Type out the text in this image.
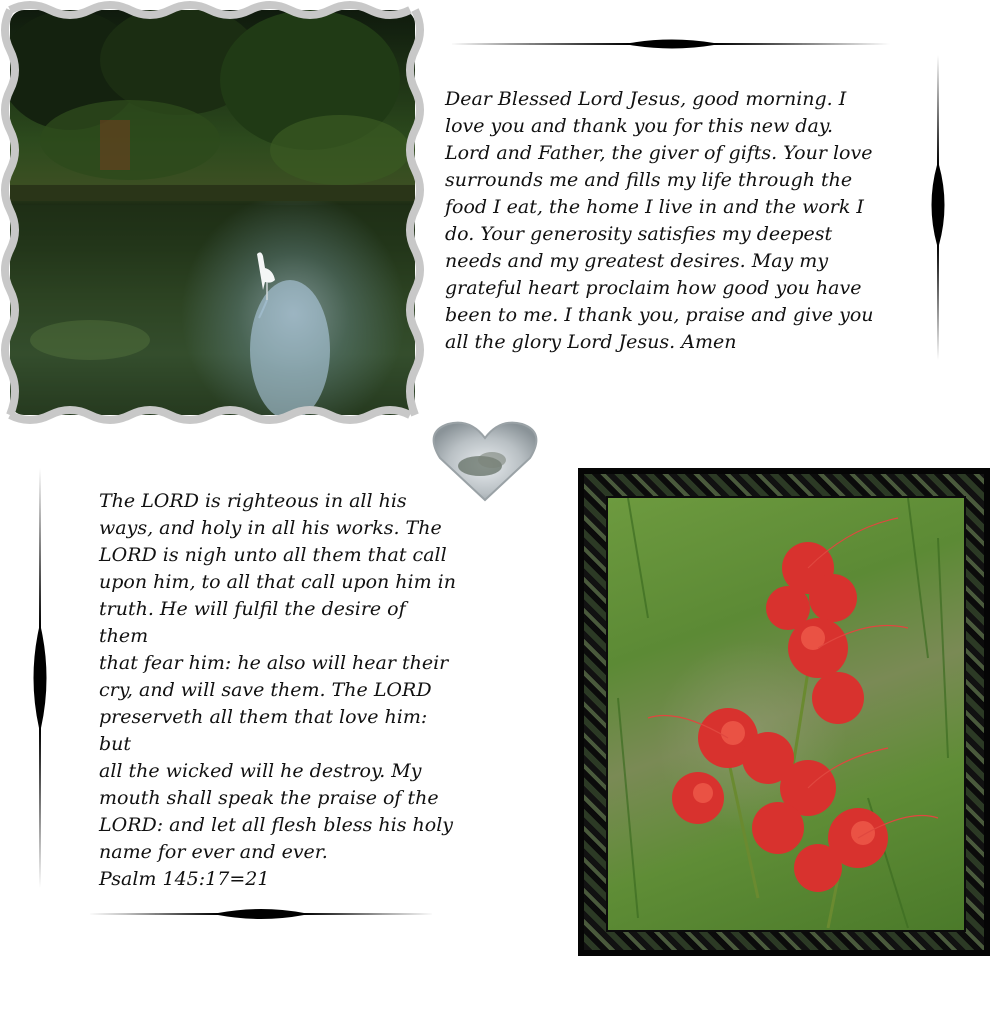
Dear Blessed Lord Jesus, good morning. I
love you and thank you for this new day.
Lord and Father, the giver of gifts. Your love
surrounds me and fills my life through the
food I eat, the home I live in and the work I
do. Your generosity satisfies my deepest
needs and my greatest desires. May my
grateful heart proclaim how good you have
been to me. I thank you, praise and give you
all the glory Lord Jesus. Amen

The LORD is righteous in all his
ways, and holy in all his works. The
LORD is nigh unto all them that call
upon him, to all that call upon him in
truth. He will fulfil the desire of them
that fear him: he also will hear their
cry, and will save them. The LORD
preserveth all them that love him: but
all the wicked will he destroy. My
mouth shall speak the praise of the
LORD: and let all flesh bless his holy
name for ever and ever.
Psalm 145:17=21
